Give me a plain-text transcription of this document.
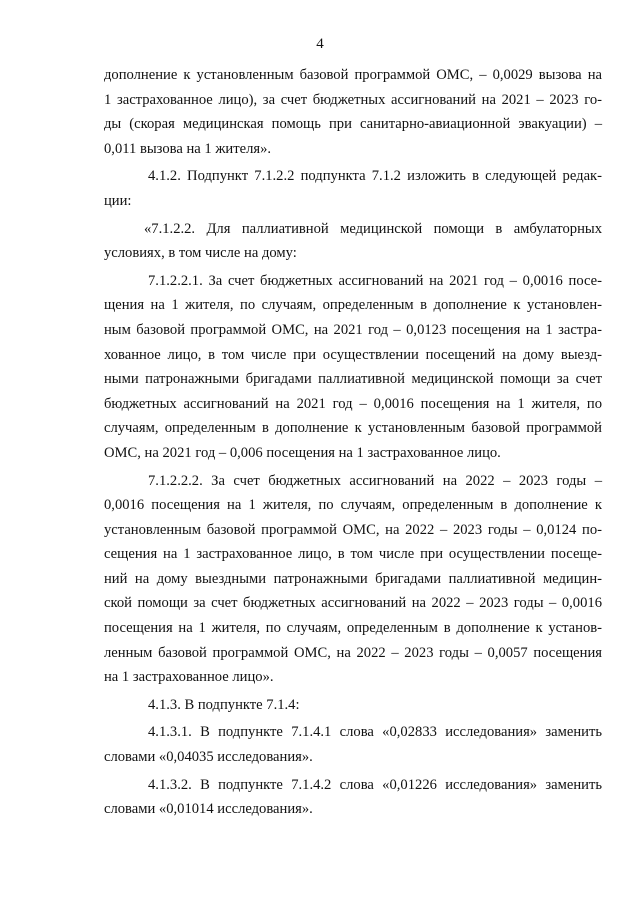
4
дополнение к установленным базовой программой ОМС, – 0,0029 вызова на
1 застрахованное лицо), за счет бюджетных ассигнований на 2021 – 2023 го-
ды (скорая медицинская помощь при санитарно-авиационной эвакуации) –
0,011 вызова на 1 жителя».
4.1.2. Подпункт 7.1.2.2 подпункта 7.1.2 изложить в следующей редак-
ции:
«7.1.2.2. Для паллиативной медицинской помощи в амбулаторных
условиях, в том числе на дому:
7.1.2.2.1. За счет бюджетных ассигнований на 2021 год – 0,0016 посе-
щения на 1 жителя, по случаям, определенным в дополнение к установлен-
ным базовой программой ОМС, на 2021 год – 0,0123 посещения на 1 застра-
хованное лицо, в том числе при осуществлении посещений на дому выезд-
ными патронажными бригадами паллиативной медицинской помощи за счет
бюджетных ассигнований на 2021 год – 0,0016 посещения на 1 жителя, по
случаям, определенным в дополнение к установленным базовой программой
ОМС, на 2021 год – 0,006 посещения на 1 застрахованное лицо.
7.1.2.2.2. За счет бюджетных ассигнований на 2022 – 2023 годы –
0,0016 посещения на 1 жителя, по случаям, определенным в дополнение к
установленным базовой программой ОМС, на 2022 – 2023 годы – 0,0124 по-
сещения на 1 застрахованное лицо, в том числе при осуществлении посеще-
ний на дому выездными патронажными бригадами паллиативной медицин-
ской помощи за счет бюджетных ассигнований на 2022 – 2023 годы – 0,0016
посещения на 1 жителя, по случаям, определенным в дополнение к установ-
ленным базовой программой ОМС, на 2022 – 2023 годы – 0,0057 посещения
на 1 застрахованное лицо».
4.1.3. В подпункте 7.1.4:
4.1.3.1. В подпункте 7.1.4.1 слова «0,02833 исследования» заменить
словами «0,04035 исследования».
4.1.3.2. В подпункте 7.1.4.2 слова «0,01226 исследования» заменить
словами «0,01014 исследования».
